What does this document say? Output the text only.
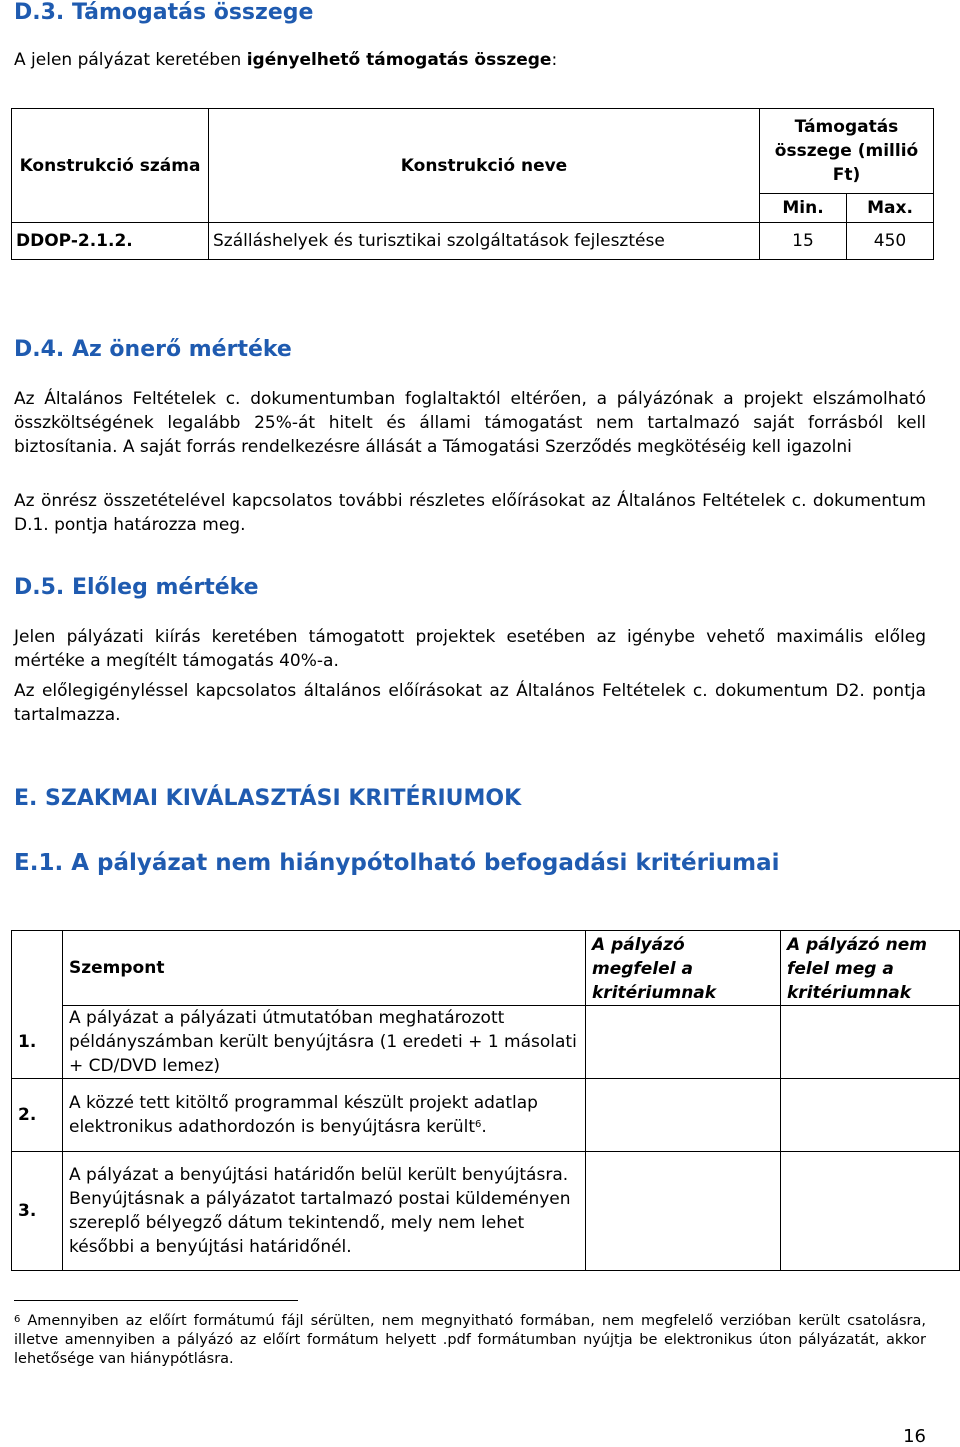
D.3. Támogatás összege

A jelen pályázat keretében igényelhető támogatás összege:

Konstrukció száma	Konstrukció neve	Támogatás összege (millió Ft)	
		Min.	Max.
DDOP-2.1.2.	Szálláshelyek és turisztikai szolgáltatások fejlesztése	15	450
D.4. Az önerő mértéke

Az Általános Feltételek c. dokumentumban foglaltaktól eltérően, a pályázónak a projekt elszámolható összköltségének legalább 25%-át hitelt és állami támogatást nem tartalmazó saját forrásból kell biztosítania. A saját forrás rendelkezésre állását a Támogatási Szerződés megkötéséig kell igazolni

Az önrész összetételével kapcsolatos további részletes előírásokat az Általános Feltételek c. dokumentum D.1. pontja határozza meg.

D.5. Előleg mértéke

Jelen pályázati kiírás keretében támogatott projektek esetében az igénybe vehető maximális előleg mértéke a megítélt támogatás 40%-a.

Az előlegigényléssel kapcsolatos általános előírásokat az Általános Feltételek c. dokumentum D2. pontja tartalmazza.

E. SZAKMAI KIVÁLASZTÁSI KRITÉRIUMOK
E.1. A pályázat nem hiánypótolható befogadási kritériumai
	Szempont	A pályázó megfelel a kritériumnak	A pályázó nem felel meg a kritériumnak
1.	A pályázat a pályázati útmutatóban meghatározott példányszámban került benyújtásra (1 eredeti + 1 másolati + CD/DVD lemez)		
2.	A közzé tett kitöltő programmal készült projekt adatlap elektronikus adathordozón is benyújtásra került$^6$.		
3.	A pályázat a benyújtási határidőn belül került benyújtásra. Benyújtásnak a pályázatot tartalmazó postai küldeményen szereplő bélyegző dátum tekintendő, mely nem lehet későbbi a benyújtási határidőnél.		

$^6$ Amennyiben az előírt formátumú fájl sérülten, nem megnyitható formában, nem megfelelő verzióban került csatolásra, illetve amennyiben a pályázó az előírt formátum helyett .pdf formátumban nyújtja be elektronikus úton pályázatát, akkor lehetősége van hiánypótlásra.

16
